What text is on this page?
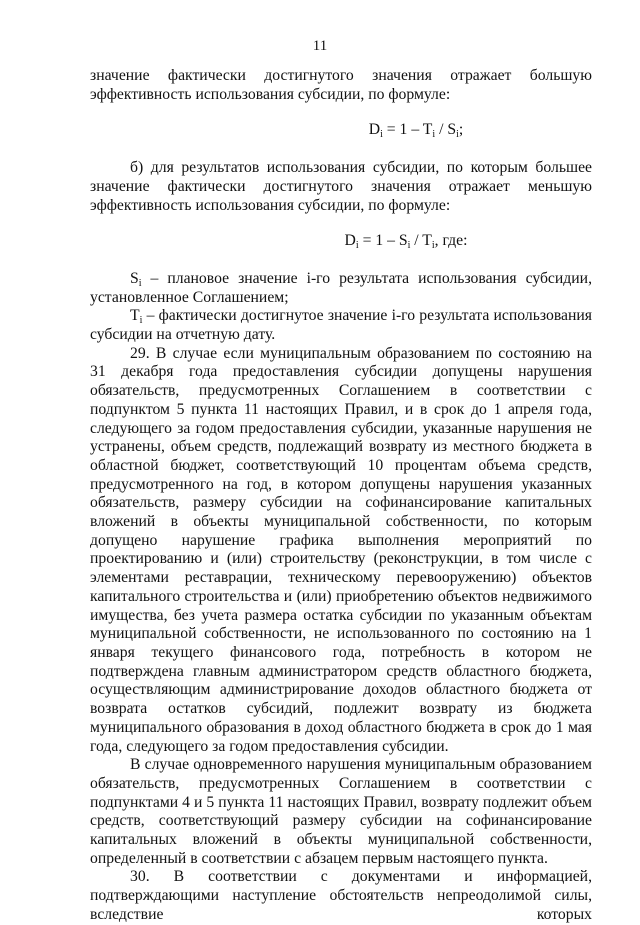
11

значение фактически достигнутого значения отражает большую эффективность использования субсидии, по формуле:

$D_i = 1 - T_i / S_i$;

б) для результатов использования субсидии, по которым большее значение фактически достигнутого значения отражает меньшую эффективность использования субсидии, по формуле:

$D_i = 1 - S_i / T_i$, где:

$S_i$ – плановое значение i-го результата использования субсидии, установленное Соглашением;

$T_i$ – фактически достигнутое значение i-го результата использования субсидии на отчетную дату.

29. В случае если муниципальным образованием по состоянию на 31 декабря года предоставления субсидии допущены нарушения обязательств, предусмотренных Соглашением в соответствии с подпунктом 5 пункта 11 настоящих Правил, и в срок до 1 апреля года, следующего за годом предоставления субсидии, указанные нарушения не устранены, объем средств, подлежащий возврату из местного бюджета в областной бюджет, соответствующий 10 процентам объема средств, предусмотренного на год, в котором допущены нарушения указанных обязательств, размеру субсидии на софинансирование капитальных вложений в объекты муниципальной собственности, по которым допущено нарушение графика выполнения мероприятий по проектированию и (или) строительству (реконструкции, в том числе с элементами реставрации, техническому перевооружению) объектов капитального строительства и (или) приобретению объектов недвижимого имущества, без учета размера остатка субсидии по указанным объектам муниципальной собственности, не использованного по состоянию на 1 января текущего финансового года, потребность в котором не подтверждена главным администратором средств областного бюджета, осуществляющим администрирование доходов областного бюджета от возврата остатков субсидий, подлежит возврату из бюджета муниципального образования в доход областного бюджета в срок до 1 мая года, следующего за годом предоставления субсидии.

В случае одновременного нарушения муниципальным образованием обязательств, предусмотренных Соглашением в соответствии с подпунктами 4 и 5 пункта 11 настоящих Правил, возврату подлежит объем средств, соответствующий размеру субсидии на софинансирование капитальных вложений в объекты муниципальной собственности, определенный в соответствии с абзацем первым настоящего пункта.

30. В соответствии с документами и информацией, подтверждающими наступление обстоятельств непреодолимой силы, вследствие которых
